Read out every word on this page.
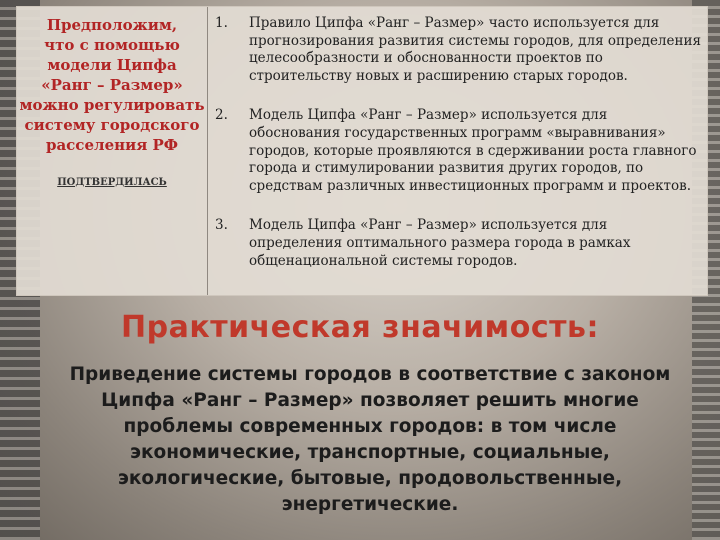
Предположим,
что с помощью
модели Ципфа
«Ранг – Размер»
можно регулировать
систему городского
расселения РФ
ПОДТВЕРДИЛАСЬ
1.	Правило Ципфа «Ранг – Размер» часто используется для прогнозирования развития системы городов, для определения целесообразности и обоснованности проектов по строительству новых и расширению старых городов.
2.	Модель Ципфа «Ранг – Размер» используется для обоснования государственных программ «выравнивания» городов, которые проявляются в сдерживании роста главного города и стимулировании развития других городов, по средствам различных инвестиционных программ и проектов.
3.	Модель Ципфа «Ранг – Размер» используется для определения оптимального размера города в рамках общенациональной системы городов.
Практическая значимость:
Приведение системы городов в соответствие с законом Ципфа «Ранг – Размер» позволяет решить многие проблемы современных городов: в том числе экономические, транспортные, социальные, экологические, бытовые, продовольственные, энергетические.
